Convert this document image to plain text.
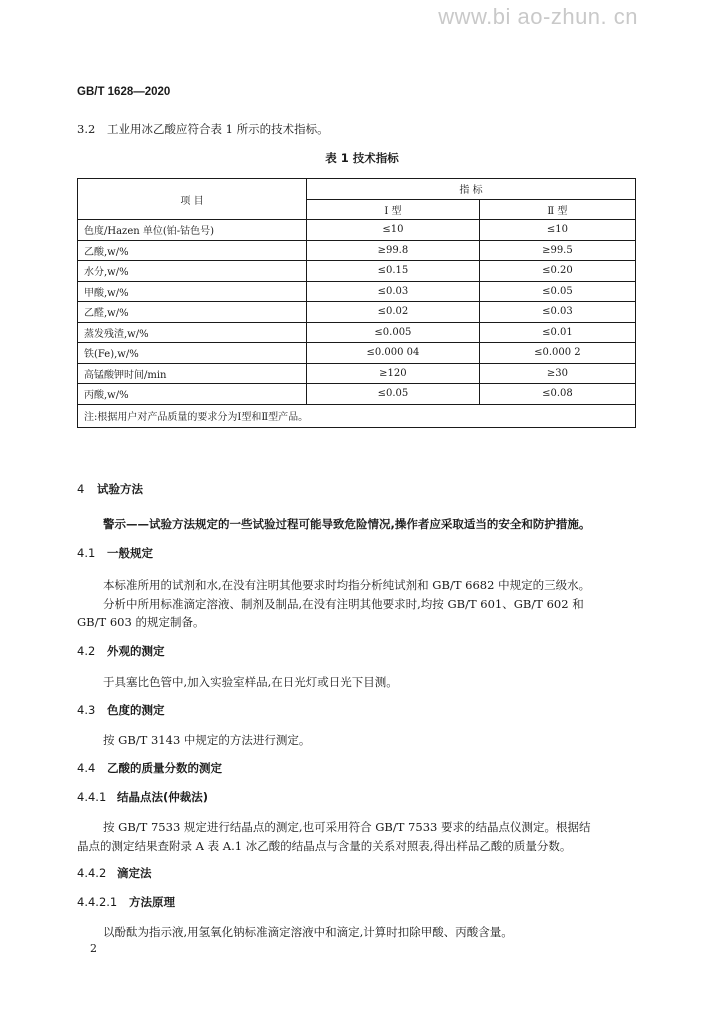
www.bi ao-zhun. cn
GB/T 1628—2020
3.2 工业用冰乙酸应符合表 1 所示的技术指标。
表 1 技术指标
项 目	指 标	
	Ⅰ 型	Ⅱ 型
色度/Hazen 单位(铂-钴色号)	≤10	≤10
乙酸,w/%	≥99.8	≥99.5
水分,w/%	≤0.15	≤0.20
甲酸,w/%	≤0.03	≤0.05
乙醛,w/%	≤0.02	≤0.03
蒸发残渣,w/%	≤0.005	≤0.01
铁(Fe),w/%	≤0.000 04	≤0.000 2
高锰酸钾时间/min	≥120	≥30
丙酸,w/%	≤0.05	≤0.08
注:根据用户对产品质量的要求分为Ⅰ型和Ⅱ型产品。		
4 试验方法
警示——试验方法规定的一些试验过程可能导致危险情况,操作者应采取适当的安全和防护措施。
4.1 一般规定
本标准所用的试剂和水,在没有注明其他要求时均指分析纯试剂和 GB/T 6682 中规定的三级水。
分析中所用标准滴定溶液、制剂及制品,在没有注明其他要求时,均按 GB/T 601、GB/T 602 和
GB/T 603 的规定制备。
4.2 外观的测定
于具塞比色管中,加入实验室样品,在日光灯或日光下目测。
4.3 色度的测定
按 GB/T 3143 中规定的方法进行测定。
4.4 乙酸的质量分数的测定
4.4.1 结晶点法(仲裁法)
按 GB/T 7533 规定进行结晶点的测定,也可采用符合 GB/T 7533 要求的结晶点仪测定。根据结
晶点的测定结果查附录 A 表 A.1 冰乙酸的结晶点与含量的关系对照表,得出样品乙酸的质量分数。
4.4.2 滴定法
4.4.2.1 方法原理
以酚酞为指示液,用氢氧化钠标准滴定溶液中和滴定,计算时扣除甲酸、丙酸含量。
2
